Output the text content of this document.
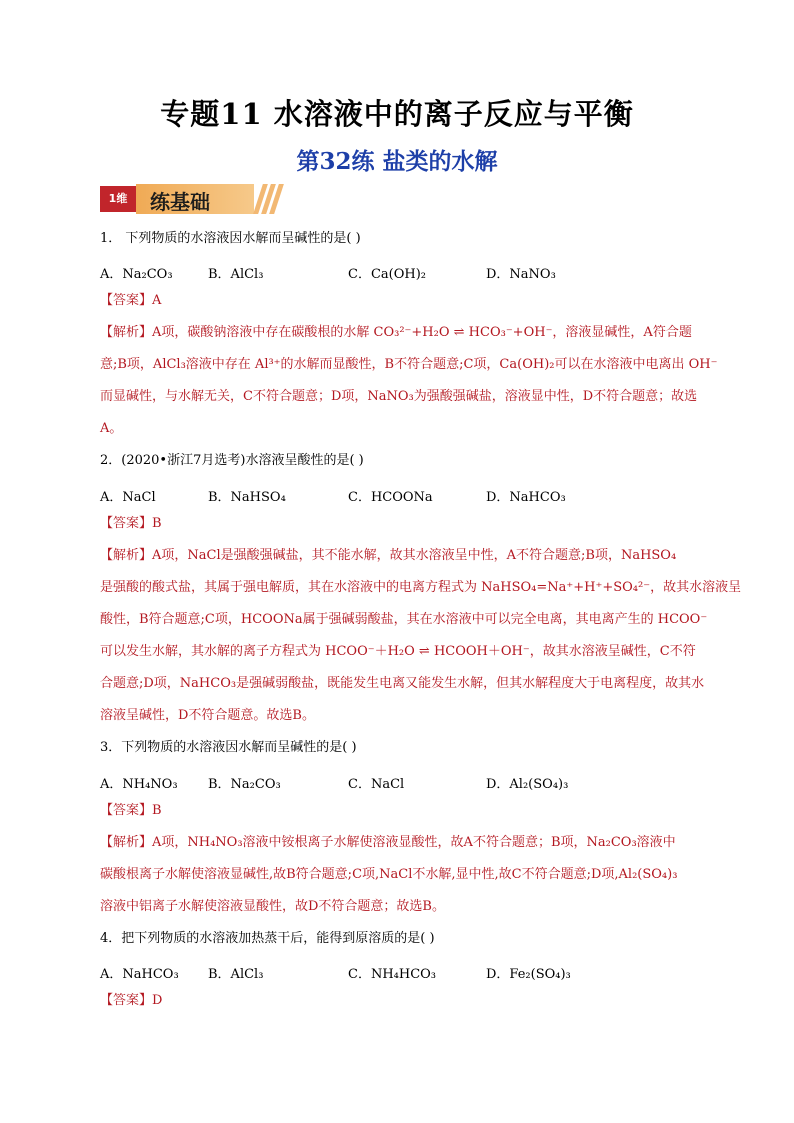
专题11 水溶液中的离子反应与平衡
第32练 盐类的水解
1维	练基础
1． 下列物质的水溶液因水解而呈碱性的是( )
A．Na₂CO₃	B．AlCl₃	C．Ca(OH)₂	D．NaNO₃
【答案】A
【解析】A项，碳酸钠溶液中存在碳酸根的水解 CO₃²⁻+H₂O ⇌ HCO₃⁻+OH⁻，溶液显碱性，A符合题
意;B项，AlCl₃溶液中存在 Al³⁺的水解而显酸性，B不符合题意;C项，Ca(OH)₂可以在水溶液中电离出 OH⁻
而显碱性，与水解无关，C不符合题意；D项，NaNO₃为强酸强碱盐，溶液显中性，D不符合题意；故选
A。
2．(2020•浙江7月选考)水溶液呈酸性的是( )
A．NaCl	B．NaHSO₄	C．HCOONa	D．NaHCO₃
【答案】B
【解析】A项，NaCl是强酸强碱盐，其不能水解，故其水溶液呈中性，A不符合题意;B项，NaHSO₄
是强酸的酸式盐，其属于强电解质，其在水溶液中的电离方程式为 NaHSO₄=Na⁺+H⁺+SO₄²⁻，故其水溶液呈
酸性，B符合题意;C项，HCOONa属于强碱弱酸盐，其在水溶液中可以完全电离，其电离产生的 HCOO⁻
可以发生水解，其水解的离子方程式为 HCOO⁻＋H₂O ⇌ HCOOH＋OH⁻，故其水溶液呈碱性，C不符
合题意;D项，NaHCO₃是强碱弱酸盐，既能发生电离又能发生水解，但其水解程度大于电离程度，故其水
溶液呈碱性，D不符合题意。故选B。
3．下列物质的水溶液因水解而呈碱性的是( )
A．NH₄NO₃ B．Na₂CO₃	C．NaCl	D．Al₂(SO₄)₃
【答案】B
【解析】A项，NH₄NO₃溶液中铵根离子水解使溶液显酸性，故A不符合题意；B项，Na₂CO₃溶液中
碳酸根离子水解使溶液显碱性,故B符合题意;C项,NaCl不水解,显中性,故C不符合题意;D项,Al₂(SO₄)₃
溶液中铝离子水解使溶液显酸性，故D不符合题意；故选B。
4．把下列物质的水溶液加热蒸干后，能得到原溶质的是( )
A．NaHCO₃ B．AlCl₃	C．NH₄HCO₃	D．Fe₂(SO₄)₃
【答案】D
